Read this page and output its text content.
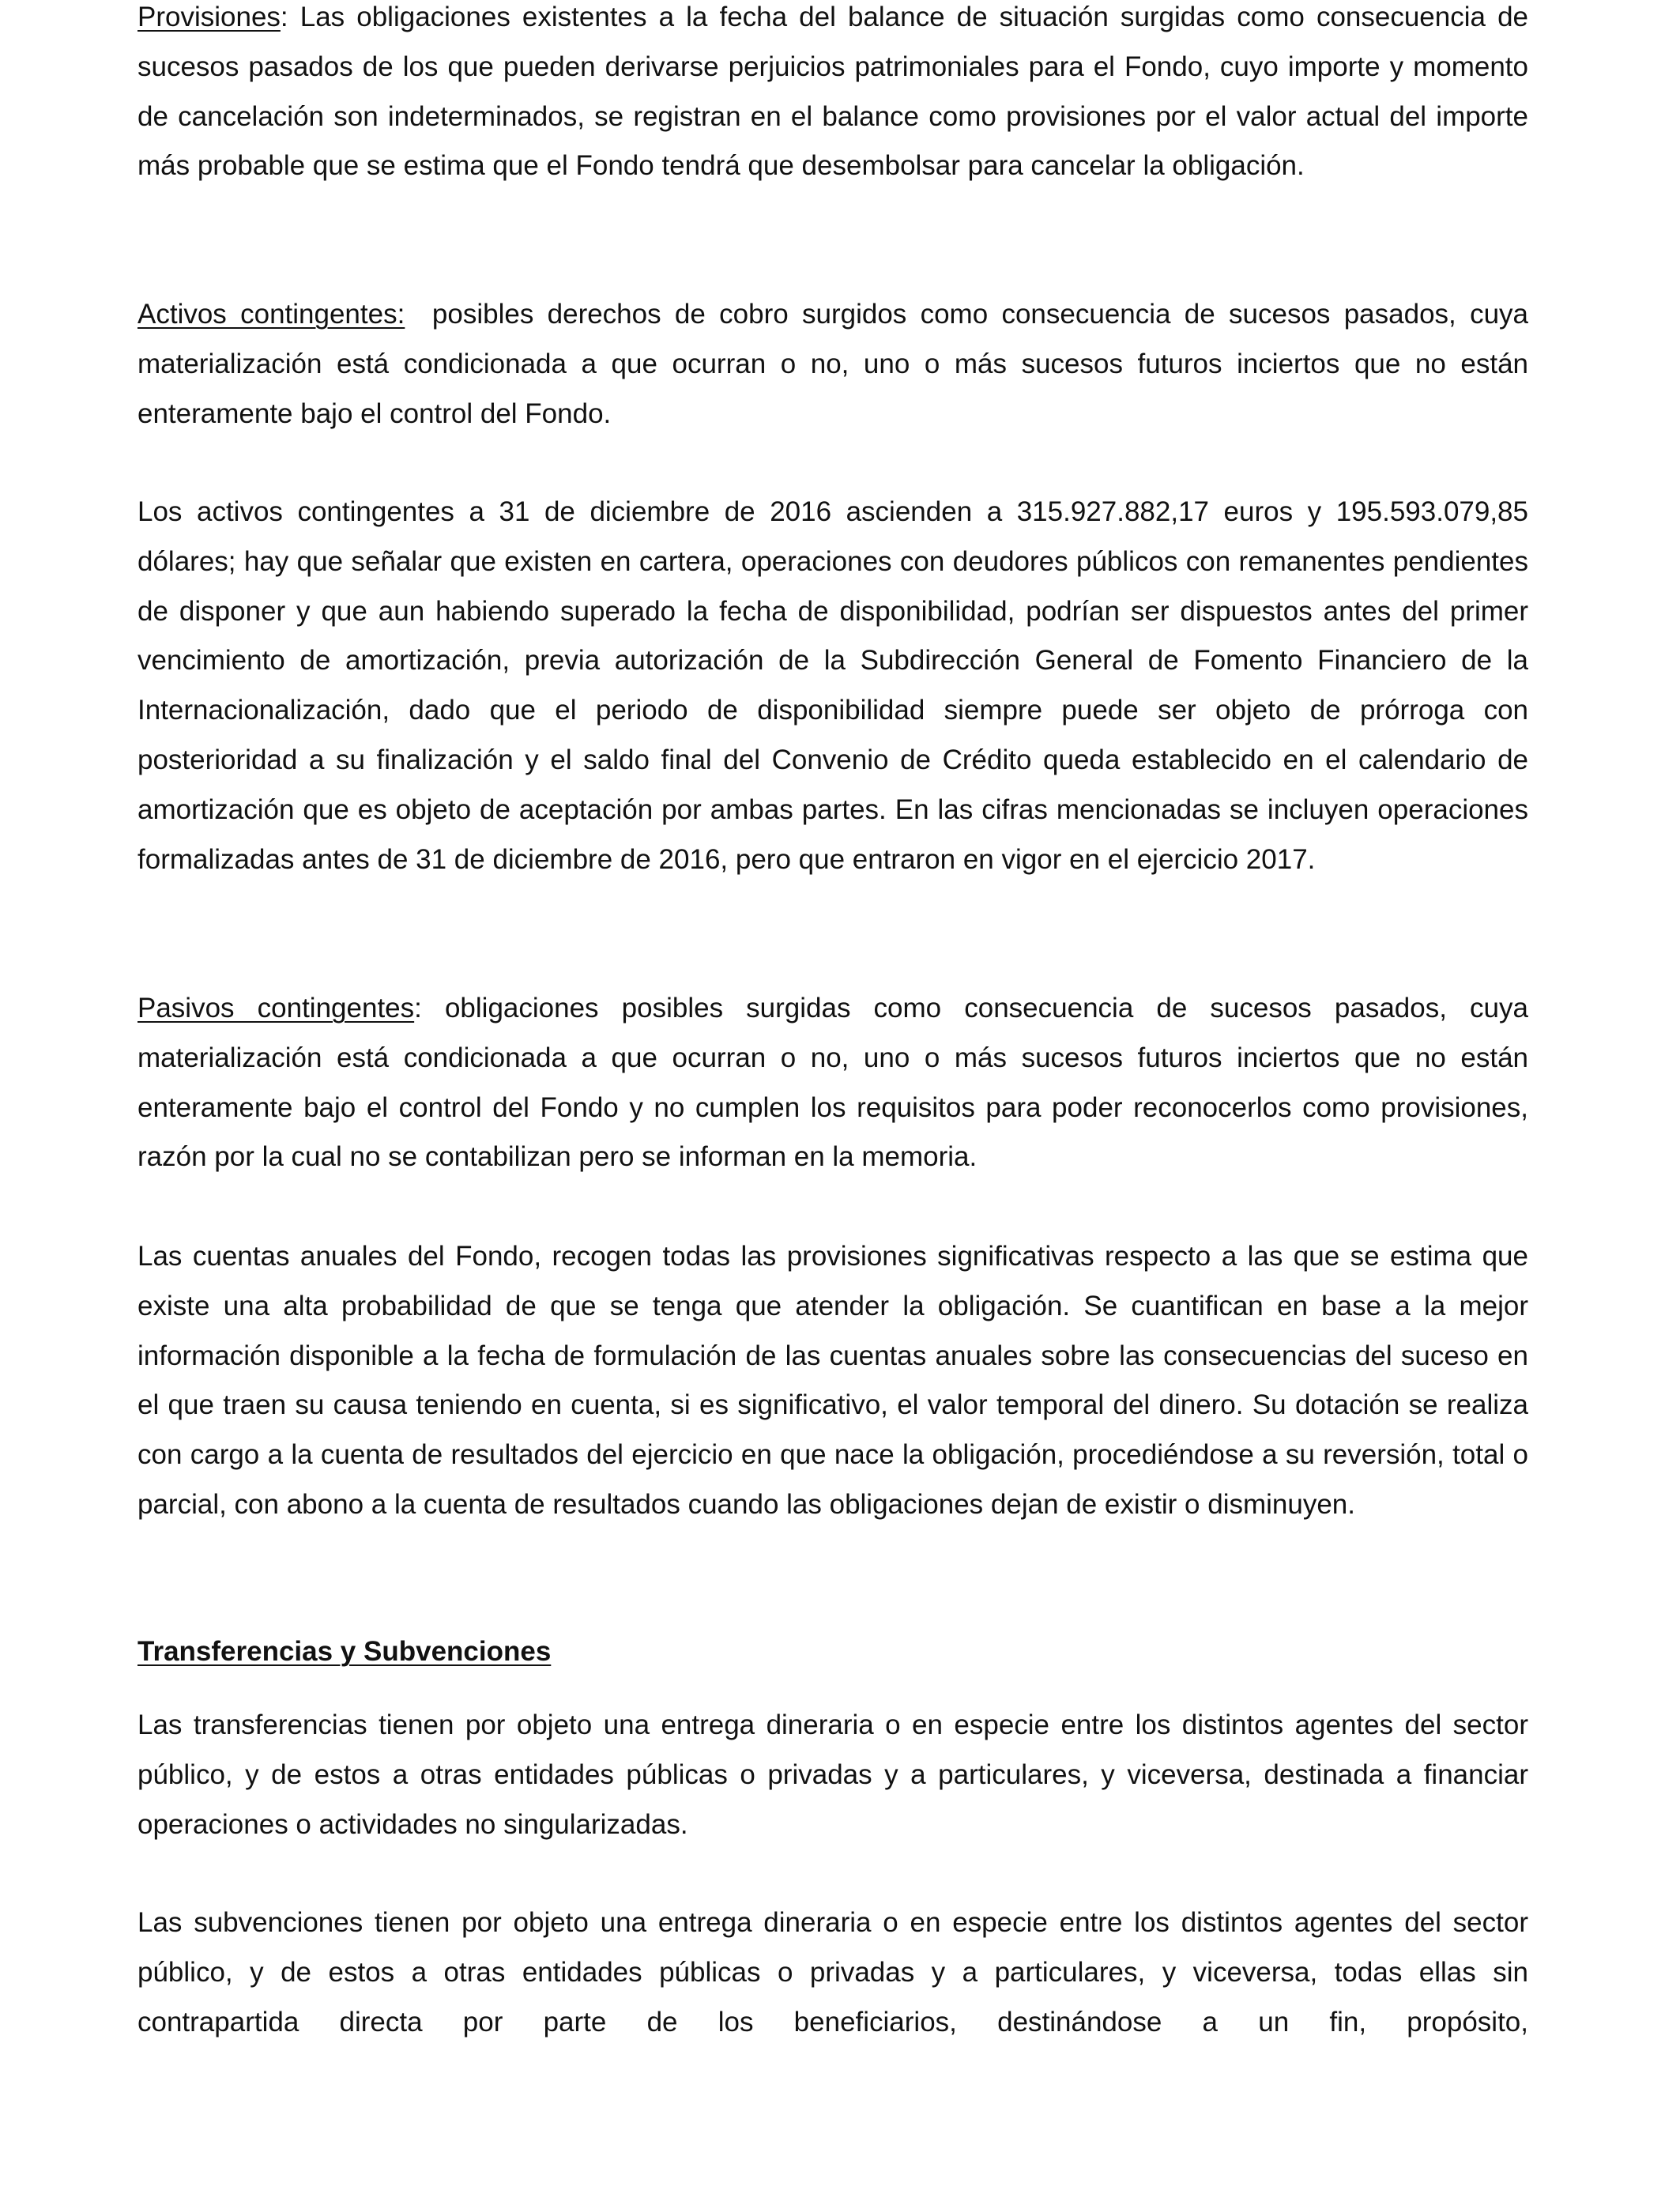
Provisiones: Las obligaciones existentes a la fecha del balance de situación surgidas como consecuencia de sucesos pasados de los que pueden derivarse perjuicios patrimoniales para el Fondo, cuyo importe y momento de cancelación son indeterminados, se registran en el balance como provisiones por el valor actual del importe más probable que se estima que el Fondo tendrá que desembolsar para cancelar la obligación.

Activos contingentes:  posibles derechos de cobro surgidos como consecuencia de sucesos pasados, cuya materialización está condicionada a que ocurran o no, uno o más sucesos futuros inciertos que no están enteramente bajo el control del Fondo.

Los activos contingentes a 31 de diciembre de 2016 ascienden a 315.927.882,17 euros y 195.593.079,85 dólares; hay que señalar que existen en cartera, operaciones con deudores públicos con remanentes pendientes de disponer y que aun habiendo superado la fecha de disponibilidad, podrían ser dispuestos antes del primer vencimiento de amortización, previa autorización de la Subdirección General de Fomento Financiero de la Internacionalización, dado que el periodo de disponibilidad siempre puede ser objeto de prórroga con posterioridad a su finalización y el saldo final del Convenio de Crédito queda establecido en el calendario de amortización que es objeto de aceptación por ambas partes. En las cifras mencionadas se incluyen operaciones formalizadas antes de 31 de diciembre de 2016, pero que entraron en vigor en el ejercicio 2017.

Pasivos contingentes: obligaciones posibles surgidas como consecuencia de sucesos pasados, cuya materialización está condicionada a que ocurran o no, uno o más sucesos futuros inciertos que no están enteramente bajo el control del Fondo y no cumplen los requisitos para poder reconocerlos como provisiones, razón por la cual no se contabilizan pero se informan en la memoria.

Las cuentas anuales del Fondo, recogen todas las provisiones significativas respecto a las que se estima que existe una alta probabilidad de que se tenga que atender la obligación. Se cuantifican en base a la mejor información disponible a la fecha de formulación de las cuentas anuales sobre las consecuencias del suceso en el que traen su causa teniendo en cuenta, si es significativo, el valor temporal del dinero. Su dotación se realiza con cargo a la cuenta de resultados del ejercicio en que nace la obligación, procediéndose a su reversión, total o parcial, con abono a la cuenta de resultados cuando las obligaciones dejan de existir o disminuyen.

Transferencias y Subvenciones

Las transferencias tienen por objeto una entrega dineraria o en especie entre los distintos agentes del sector público, y de estos a otras entidades públicas o privadas y a particulares, y viceversa, destinada a financiar operaciones o actividades no singularizadas.

Las subvenciones tienen por objeto una entrega dineraria o en especie entre los distintos agentes del sector público, y de estos a otras entidades públicas o privadas y a particulares, y viceversa, todas ellas sin contrapartida directa por parte de los beneficiarios, destinándose a un fin, propósito,
